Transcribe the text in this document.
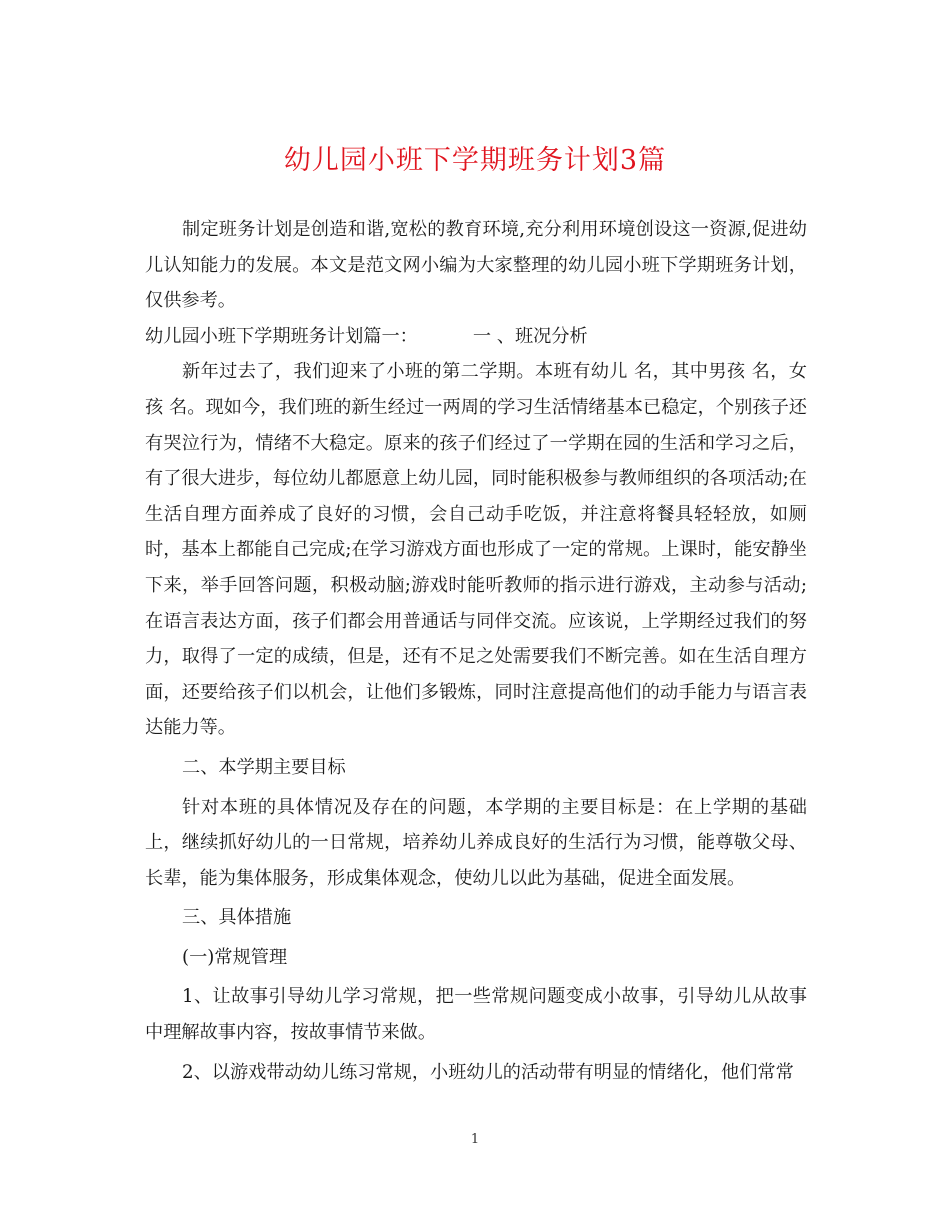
幼儿园小班下学期班务计划3篇

制定班务计划是创造和谐,宽松的教育环境,充分利用环境创设这一资源,促进幼儿认知能力的发展。本文是范文网小编为大家整理的幼儿园小班下学期班务计划，仅供参考。

幼儿园小班下学期班务计划篇一：	一 、班况分析

新年过去了，我们迎来了小班的第二学期。本班有幼儿 名，其中男孩 名，女孩 名。现如今，我们班的新生经过一两周的学习生活情绪基本已稳定，个别孩子还有哭泣行为，情绪不大稳定。原来的孩子们经过了一学期在园的生活和学习之后，有了很大进步，每位幼儿都愿意上幼儿园，同时能积极参与教师组织的各项活动;在生活自理方面养成了良好的习惯，会自己动手吃饭，并注意将餐具轻轻放，如厕时，基本上都能自己完成;在学习游戏方面也形成了一定的常规。上课时，能安静坐下来，举手回答问题，积极动脑;游戏时能听教师的指示进行游戏，主动参与活动;在语言表达方面，孩子们都会用普通话与同伴交流。应该说，上学期经过我们的努力，取得了一定的成绩，但是，还有不足之处需要我们不断完善。如在生活自理方面，还要给孩子们以机会，让他们多锻炼，同时注意提高他们的动手能力与语言表达能力等。

二、本学期主要目标

针对本班的具体情况及存在的问题，本学期的主要目标是：在上学期的基础上，继续抓好幼儿的一日常规，培养幼儿养成良好的生活行为习惯，能尊敬父母、长辈，能为集体服务，形成集体观念，使幼儿以此为基础，促进全面发展。

三、具体措施

(一)常规管理

1、让故事引导幼儿学习常规，把一些常规问题变成小故事，引导幼儿从故事中理解故事内容，按故事情节来做。

2、以游戏带动幼儿练习常规，小班幼儿的活动带有明显的情绪化，他们常常

1
